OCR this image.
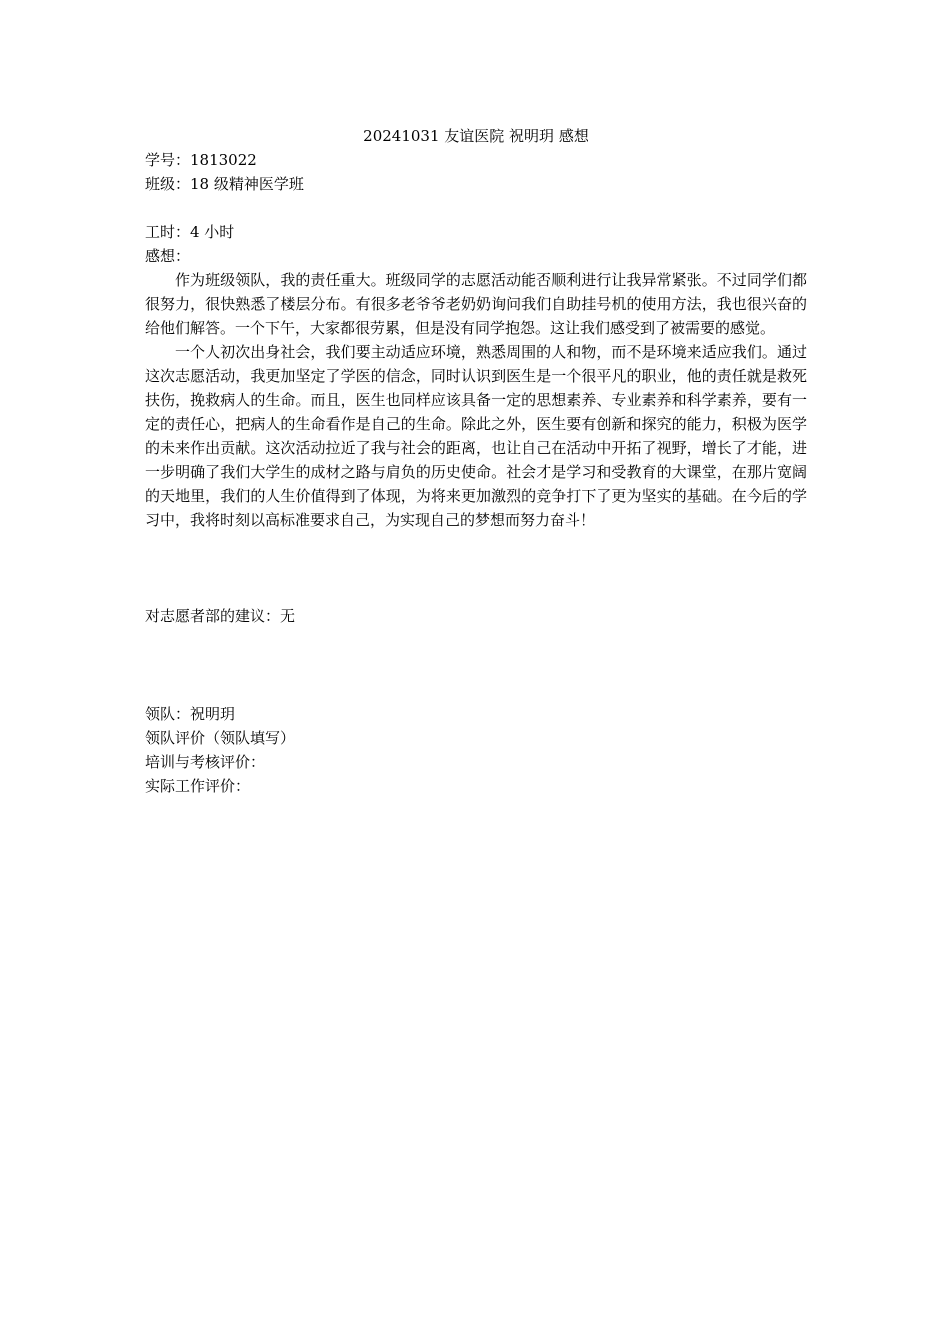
20241031 友谊医院 祝明玥 感想
学号：1813022
班级：18 级精神医学班
工时：4 小时
感想：

作为班级领队，我的责任重大。班级同学的志愿活动能否顺利进行让我异常紧张。不过同学们都很努力，很快熟悉了楼层分布。有很多老爷爷老奶奶询问我们自助挂号机的使用方法，我也很兴奋的给他们解答。一个下午，大家都很劳累，但是没有同学抱怨。这让我们感受到了被需要的感觉。

一个人初次出身社会，我们要主动适应环境，熟悉周围的人和物，而不是环境来适应我们。通过这次志愿活动，我更加坚定了学医的信念，同时认识到医生是一个很平凡的职业，他的责任就是救死扶伤，挽救病人的生命。而且，医生也同样应该具备一定的思想素养、专业素养和科学素养，要有一定的责任心，把病人的生命看作是自己的生命。除此之外，医生要有创新和探究的能力，积极为医学的未来作出贡献。这次活动拉近了我与社会的距离，也让自己在活动中开拓了视野，增长了才能，进一步明确了我们大学生的成材之路与肩负的历史使命。社会才是学习和受教育的大课堂，在那片宽阔的天地里，我们的人生价值得到了体现，为将来更加激烈的竞争打下了更为坚实的基础。在今后的学习中，我将时刻以高标准要求自己，为实现自己的梦想而努力奋斗！

对志愿者部的建议：无
领队：祝明玥
领队评价（领队填写）
培训与考核评价：
实际工作评价：
